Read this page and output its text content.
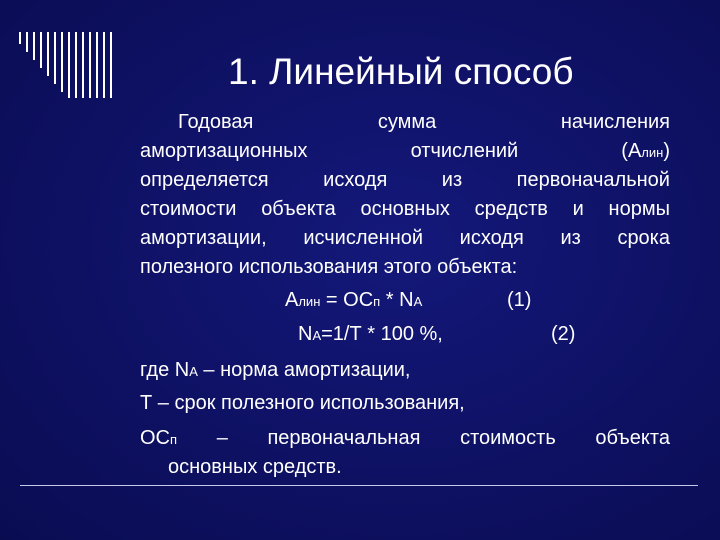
1. Линейный способ
Годовая	сумма	начисления
амортизационных	отчислений	(Алин)
определяется	исходя	из	первоначальной
стоимости объекта основных средств и нормы
амортизации, исчисленной исходя из срока
полезного использования этого объекта:
Алин = ОСп * NА	(1)
NА=1/Т * 100 %,	(2)
где NА – норма амортизации,
Т – срок полезного использования,
ОСп – первоначальная стоимость объекта
основных средств.
